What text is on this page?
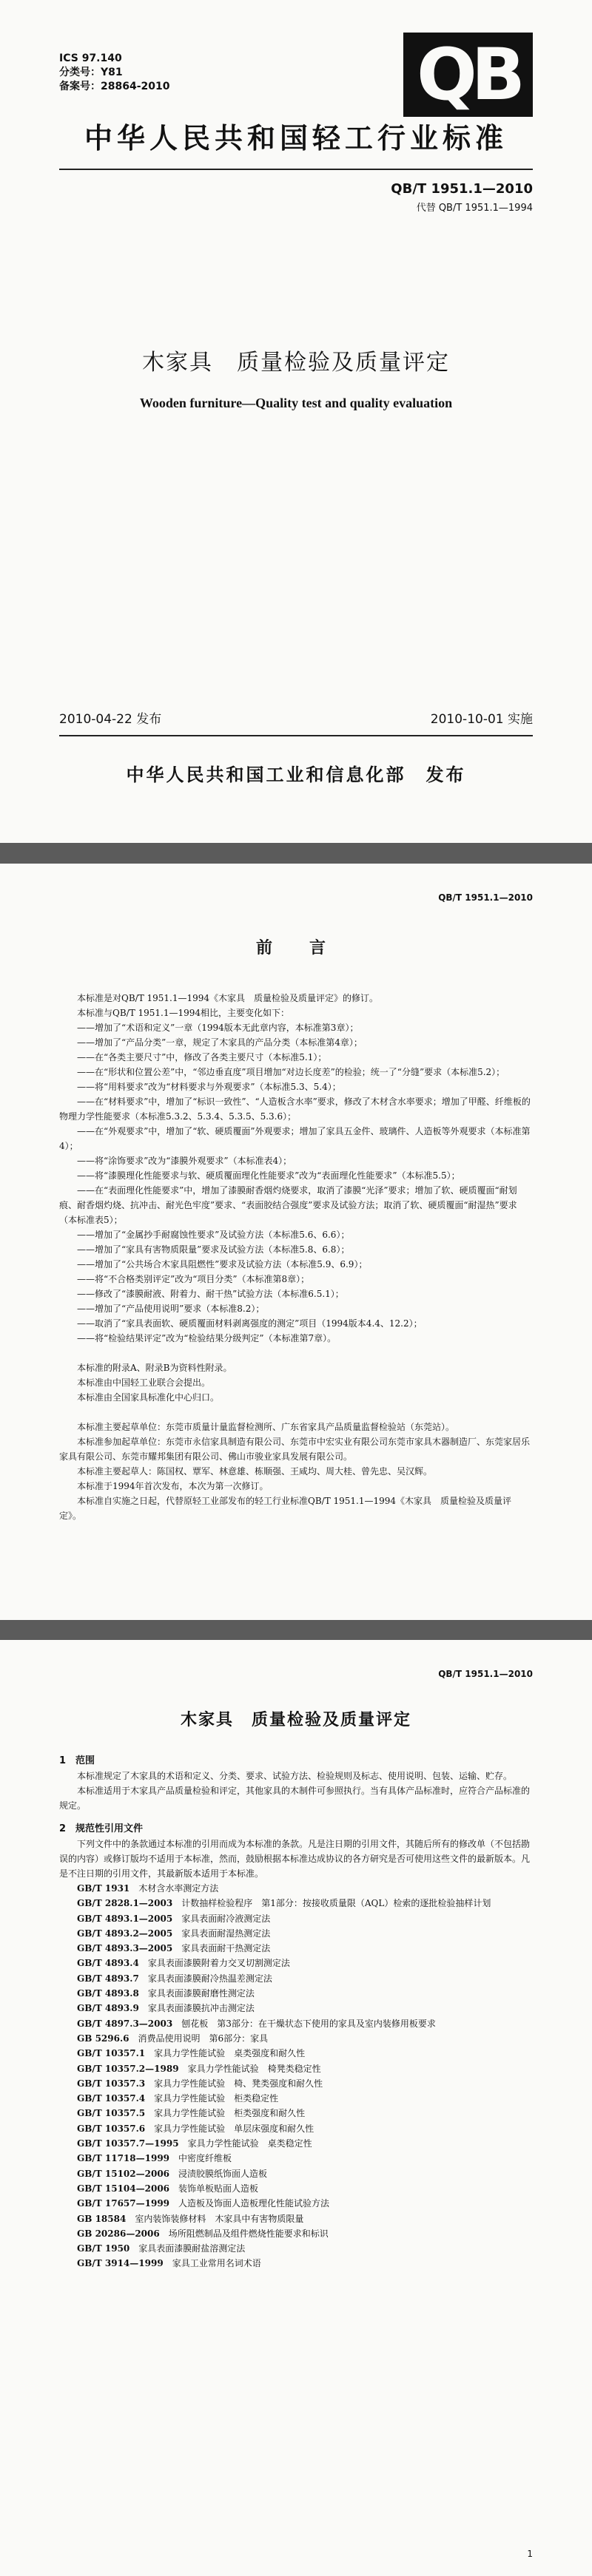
ICS 97.140
分类号：Y81
备案号：28864-2010	QB
中华人民共和国轻工行业标准
QB/T 1951.1—2010
代替 QB/T 1951.1—1994
木家具　质量检验及质量评定
Wooden furniture—Quality test and quality evaluation
2010-04-22 发布	2010-10-01 实施
中华人民共和国工业和信息化部　发布
QB/T 1951.1—2010
前　言

本标准是对QB/T 1951.1—1994《木家具　质量检验及质量评定》的修订。

本标准与QB/T 1951.1—1994相比，主要变化如下：

——增加了“术语和定义”一章（1994版本无此章内容，本标准第3章）；

——增加了“产品分类”一章，规定了木家具的产品分类（本标准第4章）；

——在“各类主要尺寸”中，修改了各类主要尺寸（本标准5.1）；

——在“形状和位置公差”中，“邻边垂直度”项目增加“对边长度差”的检验；统一了“分缝”要求（本标准5.2）；

——将“用料要求”改为“材料要求与外观要求”（本标准5.3、5.4）；

——在“材料要求”中，增加了“标识一致性”、“人造板含水率”要求，修改了木材含水率要求；增加了甲醛、纤维板的物理力学性能要求（本标准5.3.2、5.3.4、5.3.5、5.3.6）；

——在“外观要求”中，增加了“软、硬质覆面”外观要求；增加了家具五金件、玻璃件、人造板等外观要求（本标准第4）；

——将“涂饰要求”改为“漆膜外观要求”（本标准表4）；

——将“漆膜理化性能要求与软、硬质覆面理化性能要求”改为“表面理化性能要求”（本标准5.5）；

——在“表面理化性能要求”中，增加了漆膜耐香烟灼烧要求，取消了漆膜“光泽”要求；增加了软、硬质覆面“耐划痕、耐香烟灼烧、抗冲击、耐光色牢度”要求、“表面胶结合强度”要求及试验方法；取消了软、硬质覆面“耐湿热”要求（本标准表5）；

——增加了“金属抄手耐腐蚀性要求”及试验方法（本标准5.6、6.6）；

——增加了“家具有害物质限量”要求及试验方法（本标准5.8、6.8）；

——增加了“公共场合木家具阻燃性”要求及试验方法（本标准5.9、6.9）；

——将“不合格类别评定”改为“项目分类”（本标准第8章）；

——修改了“漆膜耐液、附着力、耐干热”试验方法（本标准6.5.1）；

——增加了“产品使用说明”要求（本标准8.2）；

——取消了“家具表面软、硬质覆面材料剥离强度的测定”项目（1994版本4.4、12.2）；

——将“检验结果评定”改为“检验结果分级判定”（本标准第7章）。

本标准的附录A、附录B为资料性附录。

本标准由中国轻工业联合会提出。

本标准由全国家具标准化中心归口。

本标准主要起草单位：东莞市质量计量监督检测所、广东省家具产品质量监督检验站（东莞站）。

本标准参加起草单位：东莞市永信家具制造有限公司、东莞市中宏实业有限公司东莞市家具木器制造厂、东莞家居乐家具有限公司、东莞市耀邦集团有限公司、佛山市骏业家具发展有限公司。

本标准主要起草人：陈国权、覃军、林意雄、栋顺强、王咸均、周大桂、曾先忠、吴汉辉。

本标准于1994年首次发布，本次为第一次修订。

本标准自实施之日起，代替原轻工业部发布的轻工行业标准QB/T 1951.1—1994《木家具　质量检验及质量评定》。

QB/T 1951.1—2010
木家具　质量检验及质量评定

1　范围

本标准规定了木家具的术语和定义、分类、要求、试验方法、检验规则及标志、使用说明、包装、运输、贮存。

本标准适用于木家具产品质量检验和评定，其他家具的木制件可参照执行。当有具体产品标准时，应符合产品标准的规定。

2　规范性引用文件

下列文件中的条款通过本标准的引用而成为本标准的条款。凡是注日期的引用文件，其随后所有的修改单（不包括勘误的内容）或修订版均不适用于本标准，然而，鼓励根据本标准达成协议的各方研究是否可使用这些文件的最新版本。凡是不注日期的引用文件，其最新版本适用于本标准。

GB/T 1931　 木材含水率测定方法
GB/T 2828.1—2003　 计数抽样检验程序　第1部分：按接收质量限（AQL）检索的逐批检验抽样计划
GB/T 4893.1—2005　 家具表面耐冷液测定法
GB/T 4893.2—2005　 家具表面耐湿热测定法
GB/T 4893.3—2005　 家具表面耐干热测定法
GB/T 4893.4　 家具表面漆膜附着力交叉切割测定法
GB/T 4893.7　 家具表面漆膜耐冷热温差测定法
GB/T 4893.8　 家具表面漆膜耐磨性测定法
GB/T 4893.9　 家具表面漆膜抗冲击测定法
GB/T 4897.3—2003　 刨花板　第3部分：在干燥状态下使用的家具及室内装修用板要求
GB 5296.6　 消费品使用说明　第6部分：家具
GB/T 10357.1　 家具力学性能试验　桌类强度和耐久性
GB/T 10357.2—1989　 家具力学性能试验　椅凳类稳定性
GB/T 10357.3　 家具力学性能试验　椅、凳类强度和耐久性
GB/T 10357.4　 家具力学性能试验　柜类稳定性
GB/T 10357.5　 家具力学性能试验　柜类强度和耐久性
GB/T 10357.6　 家具力学性能试验　单层床强度和耐久性
GB/T 10357.7—1995　 家具力学性能试验　桌类稳定性
GB/T 11718—1999　 中密度纤维板
GB/T 15102—2006　 浸渍胶膜纸饰面人造板
GB/T 15104—2006　 装饰单板贴面人造板
GB/T 17657—1999　 人造板及饰面人造板理化性能试验方法
GB 18584　 室内装饰装修材料　木家具中有害物质限量
GB 20286—2006　 场所阻燃制品及组件燃烧性能要求和标识
GB/T 1950　 家具表面漆膜耐盐溶测定法
GB/T 3914—1999　 家具工业常用名词术语
1
